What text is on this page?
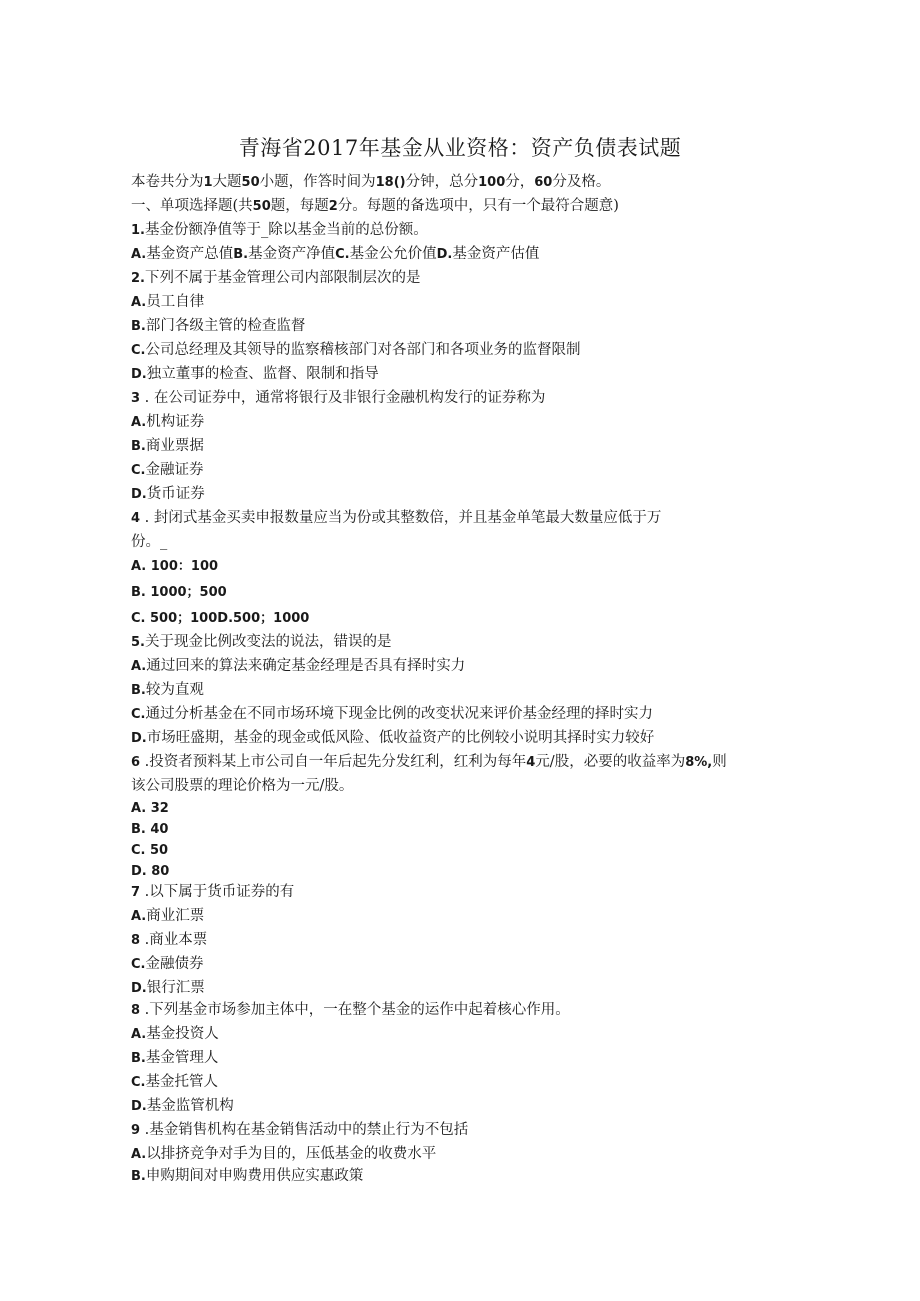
青海省2017年基金从业资格：资产负债表试题
本卷共分为1大题50小题，作答时间为18()分钟，总分100分，60分及格。
一、单项选择题(共50题，每题2分。每题的备选项中，只有一个最符合题意)
1.基金份额净值等于_除以基金当前的总份额。
A.基金资产总值B.基金资产净值C.基金公允价值D.基金资产估值
2.下列不属于基金管理公司内部限制层次的是
A.员工自律
B.部门各级主管的检查监督
C.公司总经理及其领导的监察稽核部门对各部门和各项业务的监督限制
D.独立董事的检查、监督、限制和指导
3 . 在公司证券中，通常将银行及非银行金融机构发行的证券称为
A.机构证券
B.商业票据
C.金融证券
D.货币证券
4 . 封闭式基金买卖申报数量应当为份或其整数倍，并且基金单笔最大数量应低于万
份。_
A. 100：100
B. 1000；500
C. 500；100D.500；1000
5.关于现金比例改变法的说法，错误的是
A.通过回来的算法来确定基金经理是否具有择时实力
B.较为直观
C.通过分析基金在不同市场环境下现金比例的改变状况来评价基金经理的择时实力
D.市场旺盛期，基金的现金或低风险、低收益资产的比例较小说明其择时实力较好
6 .投资者预料某上市公司自一年后起先分发红利，红利为每年4元/股，必要的收益率为8%,则
该公司股票的理论价格为一元/股。
A. 32
B. 40
C. 50
D. 80
7 .以下属于货币证券的有
A.商业汇票
8 .商业本票
C.金融债券
D.银行汇票
8 .下列基金市场参加主体中，一在整个基金的运作中起着核心作用。
A.基金投资人
B.基金管理人
C.基金托管人
D.基金监管机构
9 .基金销售机构在基金销售活动中的禁止行为不包括
A.以排挤竞争对手为目的，压低基金的收费水平
B.申购期间对申购费用供应实惠政策
